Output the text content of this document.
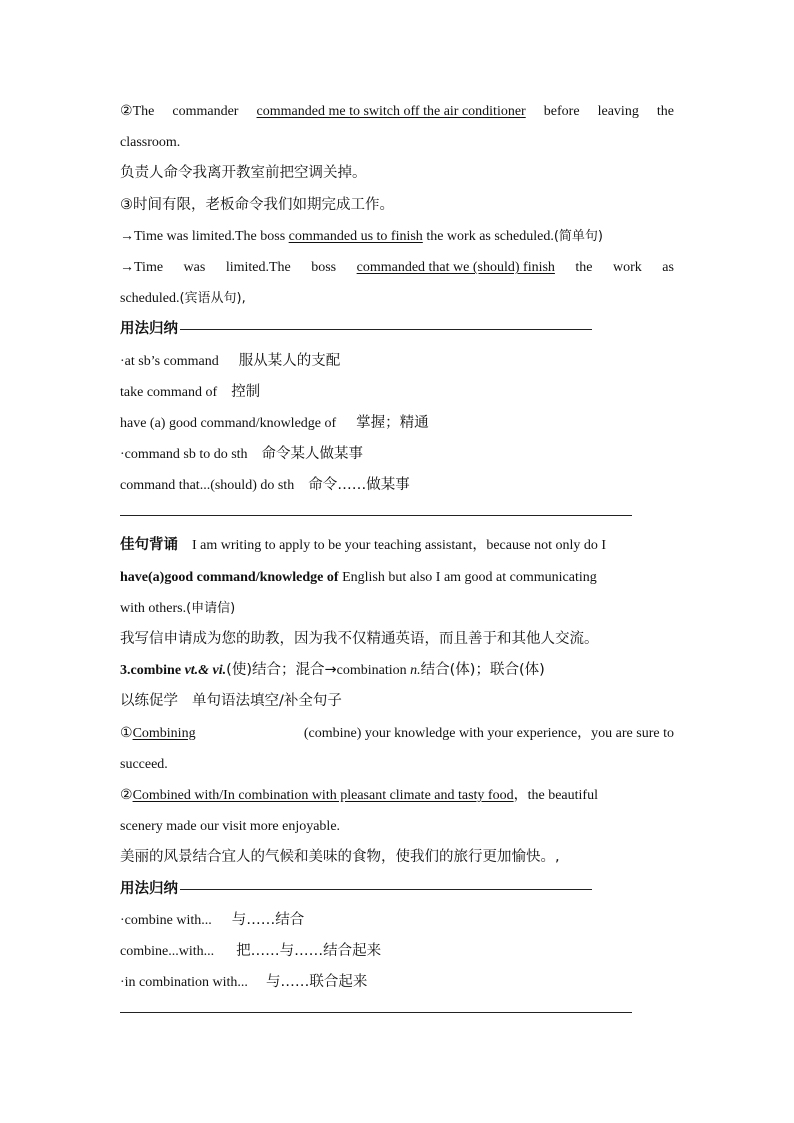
②The commander commanded me to switch off the air conditioner before leaving the
classroom.
负责人命令我离开教室前把空调关掉。
③时间有限，老板命令我们如期完成工作。
→Time was limited.The boss commanded us to finish the work as scheduled.(简单句)
→Time was limited.The boss commanded that we (should) finish the work as
scheduled.(宾语从句),
用法归纳
·at sb’s command 服从某人的支配
take command of 控制
have (a) good command/knowledge of 掌握；精通
·command sb to do sth 命令某人做某事
command that...(should) do sth 命令……做某事
佳句背诵 I am writing to apply to be your teaching assistant，because not only do I
have(a)good command/knowledge of English but also I am good at communicating
with others.(申请信)
我写信申请成为您的助教，因为我不仅精通英语，而且善于和其他人交流。
3.combine vt.& vi.(使)结合；混合→combination n.结合(体)；联合(体)
以练促学 单句语法填空/补全句子
①Combining	(combine) your knowledge with your experience，you are sure to
succeed.
②Combined with/In combination with pleasant climate and tasty food，the beautiful
scenery made our visit more enjoyable.
美丽的风景结合宜人的气候和美味的食物，使我们的旅行更加愉快。,
用法归纳
·combine with... 与……结合
combine...with... 把……与……结合起来
·in combination with... 与……联合起来
